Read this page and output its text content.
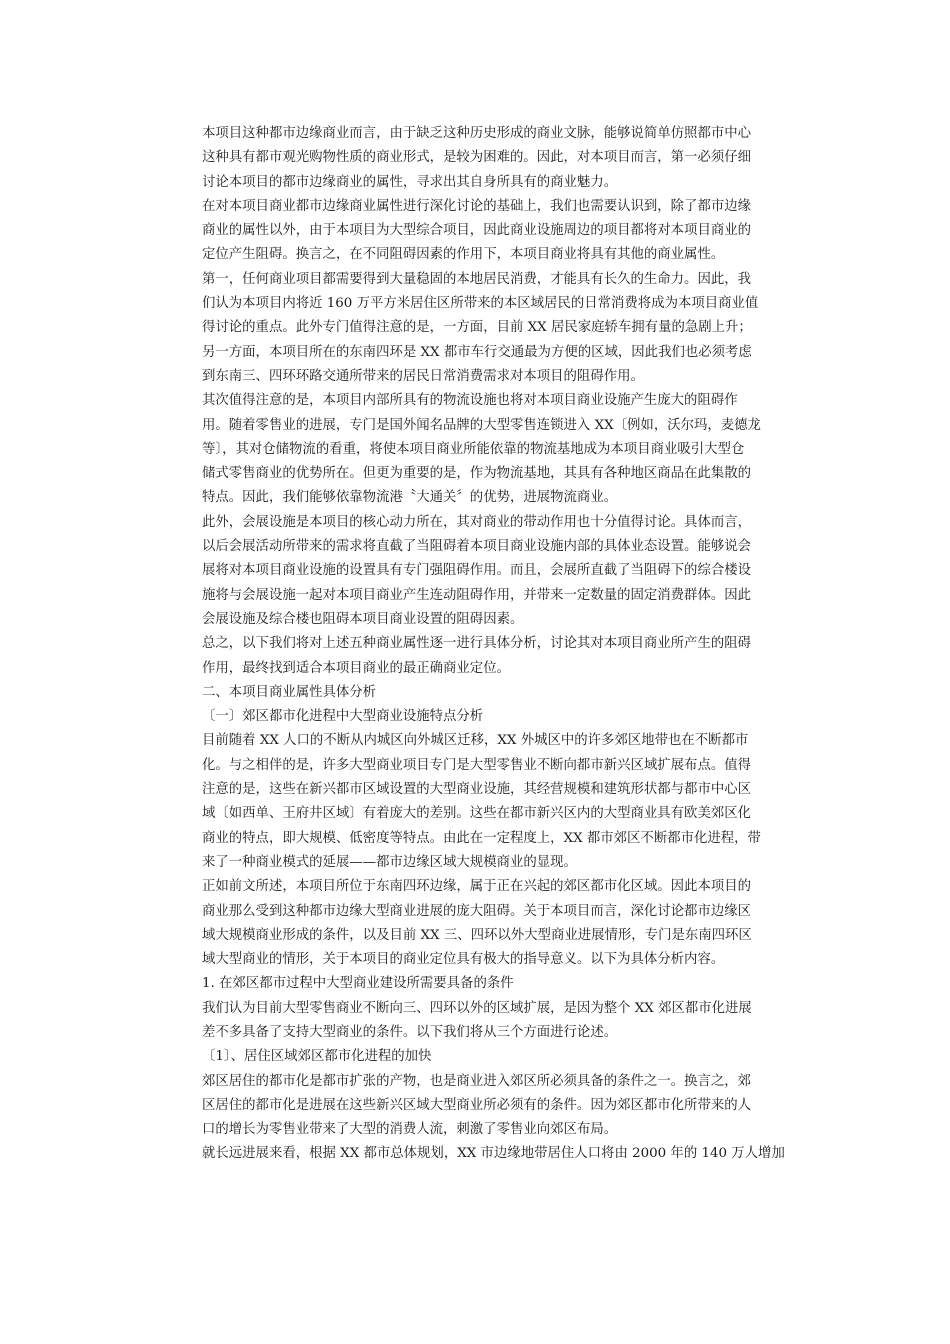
本项目这种都市边缘商业而言，由于缺乏这种历史形成的商业文脉，能够说简单仿照都市中心
这种具有都市观光购物性质的商业形式，是较为困难的。因此，对本项目而言，第一必须仔细
讨论本项目的都市边缘商业的属性，寻求出其自身所具有的商业魅力。

在对本项目商业都市边缘商业属性进行深化讨论的基础上，我们也需要认识到，除了都市边缘
商业的属性以外，由于本项目为大型综合项目，因此商业设施周边的项目都将对本项目商业的
定位产生阻碍。换言之，在不同阻碍因素的作用下，本项目商业将具有其他的商业属性。

第一，任何商业项目都需要得到大量稳固的本地居民消费，才能具有长久的生命力。因此，我
们认为本项目内将近 160 万平方米居住区所带来的本区域居民的日常消费将成为本项目商业值
得讨论的重点。此外专门值得注意的是，一方面，目前 XX 居民家庭轿车拥有量的急剧上升；
另一方面，本项目所在的东南四环是 XX 都市车行交通最为方便的区域，因此我们也必须考虑
到东南三、四环环路交通所带来的居民日常消费需求对本项目的阻碍作用。

其次值得注意的是，本项目内部所具有的物流设施也将对本项目商业设施产生庞大的阻碍作
用。随着零售业的进展，专门是国外闻名品牌的大型零售连锁进入 XX〔例如，沃尔玛，麦德龙
等〕，其对仓储物流的看重，将使本项目商业所能依靠的物流基地成为本项目商业吸引大型仓
储式零售商业的优势所在。但更为重要的是，作为物流基地，其具有各种地区商品在此集散的
特点。因此，我们能够依靠物流港〝大通关〞的优势，进展物流商业。

此外，会展设施是本项目的核心动力所在，其对商业的带动作用也十分值得讨论。具体而言，
以后会展活动所带来的需求将直截了当阻碍着本项目商业设施内部的具体业态设置。能够说会
展将对本项目商业设施的设置具有专门强阻碍作用。而且，会展所直截了当阻碍下的综合楼设
施将与会展设施一起对本项目商业产生连动阻碍作用，并带来一定数量的固定消费群体。因此
会展设施及综合楼也阻碍本项目商业设置的阻碍因素。

总之，以下我们将对上述五种商业属性逐一进行具体分析，讨论其对本项目商业所产生的阻碍
作用，最终找到适合本项目商业的最正确商业定位。

二、本项目商业属性具体分析

〔一〕郊区都市化进程中大型商业设施特点分析

目前随着 XX 人口的不断从内城区向外城区迁移，XX 外城区中的许多郊区地带也在不断都市
化。与之相伴的是，许多大型商业项目专门是大型零售业不断向都市新兴区域扩展布点。值得
注意的是，这些在新兴都市区域设置的大型商业设施，其经营规模和建筑形状都与都市中心区
域〔如西单、王府井区域〕有着庞大的差别。这些在都市新兴区内的大型商业具有欧美郊区化
商业的特点，即大规模、低密度等特点。由此在一定程度上，XX 都市郊区不断都市化进程，带
来了一种商业模式的延展——都市边缘区域大规模商业的显现。

正如前文所述，本项目所位于东南四环边缘，属于正在兴起的郊区都市化区域。因此本项目的
商业那么受到这种都市边缘大型商业进展的庞大阻碍。关于本项目而言，深化讨论都市边缘区
域大规模商业形成的条件，以及目前 XX 三、四环以外大型商业进展情形，专门是东南四环区
域大型商业的情形，关于本项目的商业定位具有极大的指导意义。以下为具体分析内容。

1. 在郊区都市过程中大型商业建设所需要具备的条件

我们认为目前大型零售商业不断向三、四环以外的区域扩展，是因为整个 XX 郊区都市化进展
差不多具备了支持大型商业的条件。以下我们将从三个方面进行论述。

〔1〕、居住区域郊区都市化进程的加快

郊区居住的都市化是都市扩张的产物，也是商业进入郊区所必须具备的条件之一。换言之，郊
区居住的都市化是进展在这些新兴区域大型商业所必须有的条件。因为郊区都市化所带来的人
口的增长为零售业带来了大型的消费人流，刺激了零售业向郊区布局。

就长远进展来看，根据 XX 都市总体规划，XX 市边缘地带居住人口将由 2000 年的 140 万人增加
